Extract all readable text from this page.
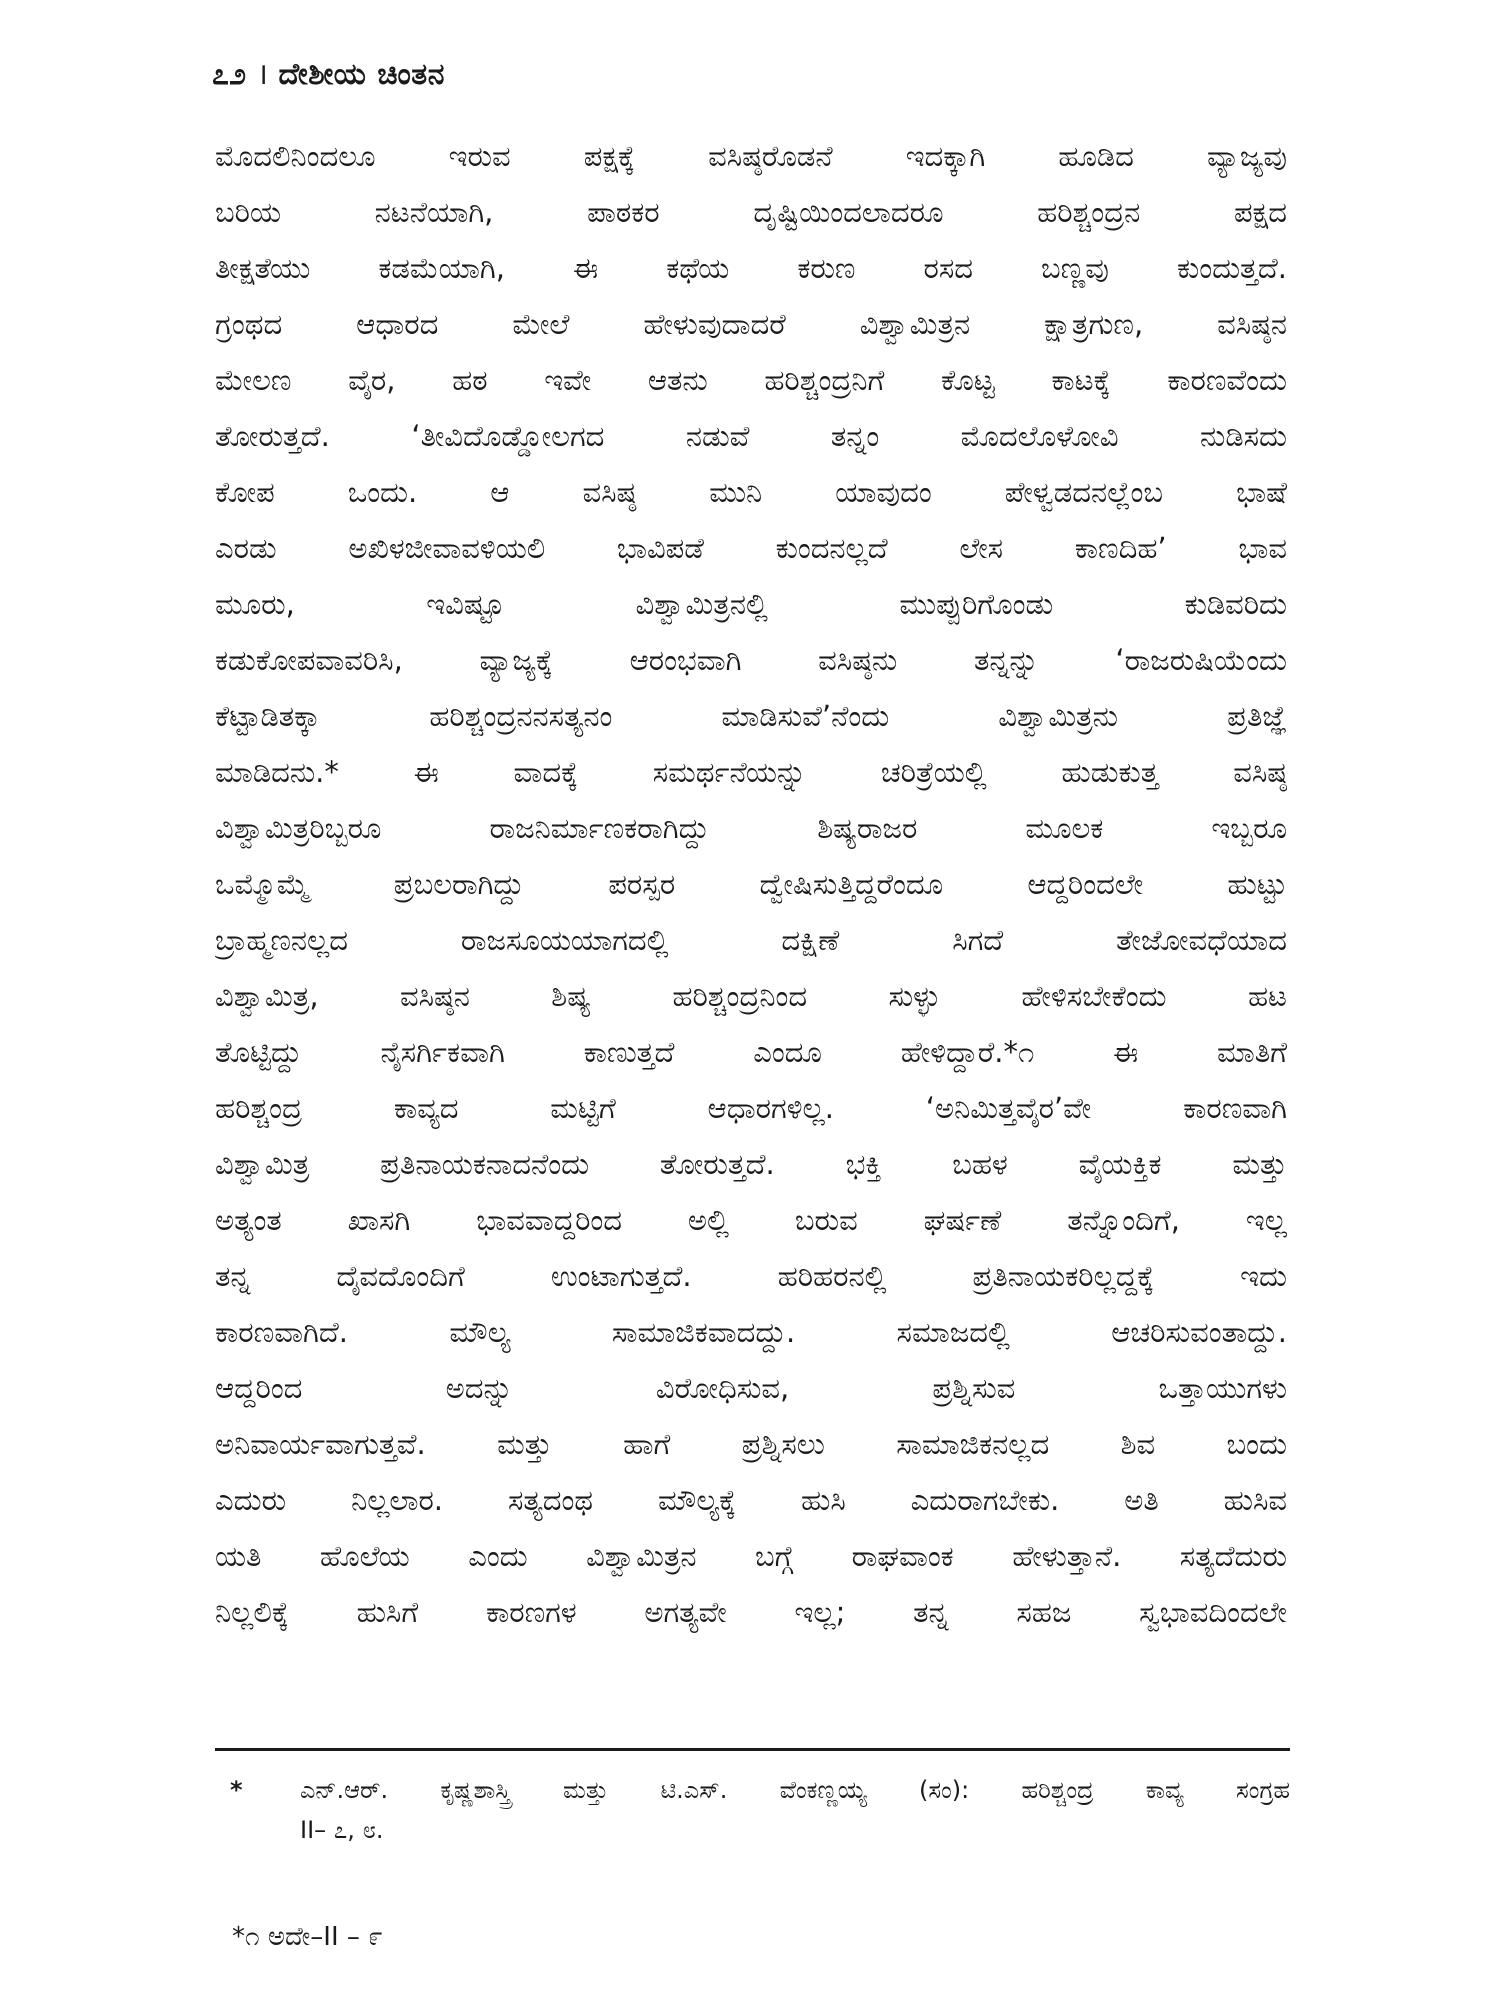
೭೨ । ದೇಶೀಯ ಚಿಂತನ
ಮೊದಲಿನಿಂದಲೂ ಇರುವ ಪಕ್ಷಕ್ಕೆ ವಸಿಷ್ಠರೊಡನೆ ಇದಕ್ಕಾಗಿ ಹೂಡಿದ ವ್ಯಾಜ್ಯವು
ಬರಿಯ ನಟನೆಯಾಗಿ, ಪಾಠಕರ ದೃಷ್ಟಿಯಿಂದಲಾದರೂ ಹರಿಶ್ಚಂದ್ರನ ಪಕ್ಷದ
ತೀಕ್ಷತೆಯು ಕಡಮೆಯಾಗಿ, ಈ ಕಥೆಯ ಕರುಣ ರಸದ ಬಣ್ಣವು ಕುಂದುತ್ತದೆ.
ಗ್ರಂಥದ ಆಧಾರದ ಮೇಲೆ ಹೇಳುವುದಾದರೆ ವಿಶ್ವಾಮಿತ್ರನ ಕ್ಷಾತ್ರಗುಣ, ವಸಿಷ್ಠನ
ಮೇಲಣ ವೈರ, ಹಠ ಇವೇ ಆತನು ಹರಿಶ್ಚಂದ್ರನಿಗೆ ಕೊಟ್ಟ ಕಾಟಕ್ಕೆ ಕಾರಣವೆಂದು
ತೋರುತ್ತದೆ. ‘ತೀವಿದೊಡ್ಡೋಲಗದ ನಡುವೆ ತನ್ನಂ ಮೊದಲೊಳೋವಿ ನುಡಿಸದು
ಕೋಪ ಒಂದು. ಆ ವಸಿಷ್ಠ ಮುನಿ ಯಾವುದಂ ಪೇಳ್ವಡದನಲ್ಲೆಂಬ ಭಾಷೆ
ಎರಡು ಅಖಿಳಜೀವಾವಳಿಯಲಿ ಭಾವಿಪಡೆ ಕುಂದನಲ್ಲದೆ ಲೇಸ ಕಾಣದಿಹ’ ಭಾವ
ಮೂರು, ಇವಿಷ್ಟೂ ವಿಶ್ವಾಮಿತ್ರನಲ್ಲಿ ಮುಪ್ಪುರಿಗೊಂಡು ಕುಡಿವರಿದು
ಕಡುಕೋಪವಾವರಿಸಿ, ವ್ಯಾಜ್ಯಕ್ಕೆ ಆರಂಭವಾಗಿ ವಸಿಷ್ಠನು ತನ್ನನ್ನು ‘ರಾಜರುಷಿಯೆಂದು
ಕೆಟ್ಟಾಡಿತಕ್ಕಾ ಹರಿಶ್ಚಂದ್ರನನಸತ್ಯನಂ ಮಾಡಿಸುವೆ’ನೆಂದು ವಿಶ್ವಾಮಿತ್ರನು ಪ್ರತಿಜ್ಞೆ
ಮಾಡಿದನು.* ಈ ವಾದಕ್ಕೆ ಸಮರ್ಥನೆಯನ್ನು ಚರಿತ್ರೆಯಲ್ಲಿ ಹುಡುಕುತ್ತ ವಸಿಷ್ಠ
ವಿಶ್ವಾಮಿತ್ರರಿಬ್ಬರೂ ರಾಜನಿರ್ಮಾಣಕರಾಗಿದ್ದು ಶಿಷ್ಯರಾಜರ ಮೂಲಕ ಇಬ್ಬರೂ
ಒಮ್ಮೊಮ್ಮೆ ಪ್ರಬಲರಾಗಿದ್ದು ಪರಸ್ಪರ ದ್ವೇಷಿಸುತ್ತಿದ್ದರೆಂದೂ ಆದ್ದರಿಂದಲೇ ಹುಟ್ಟು
ಬ್ರಾಹ್ಮಣನಲ್ಲದ ರಾಜಸೂಯಯಾಗದಲ್ಲಿ ದಕ್ಷಿಣೆ ಸಿಗದೆ ತೇಜೋವಧೆಯಾದ
ವಿಶ್ವಾಮಿತ್ರ, ವಸಿಷ್ಠನ ಶಿಷ್ಯ ಹರಿಶ್ಚಂದ್ರನಿಂದ ಸುಳ್ಳು ಹೇಳಿಸಬೇಕೆಂದು ಹಟ
ತೊಟ್ಟಿದ್ದು ನೈಸರ್ಗಿಕವಾಗಿ ಕಾಣುತ್ತದೆ ಎಂದೂ ಹೇಳಿದ್ದಾರೆ.*೧ ಈ ಮಾತಿಗೆ
ಹರಿಶ್ಚಂದ್ರ ಕಾವ್ಯದ ಮಟ್ಟಿಗೆ ಆಧಾರಗಳಿಲ್ಲ. ‘ಅನಿಮಿತ್ತವೈರ’ವೇ ಕಾರಣವಾಗಿ
ವಿಶ್ವಾಮಿತ್ರ ಪ್ರತಿನಾಯಕನಾದನೆಂದು ತೋರುತ್ತದೆ. ಭಕ್ತಿ ಬಹಳ ವೈಯಕ್ತಿಕ ಮತ್ತು
ಅತ್ಯಂತ ಖಾಸಗಿ ಭಾವವಾದ್ದರಿಂದ ಅಲ್ಲಿ ಬರುವ ಘರ್ಷಣೆ ತನ್ನೊಂದಿಗೆ, ಇಲ್ಲ
ತನ್ನ ದೈವದೊಂದಿಗೆ ಉಂಟಾಗುತ್ತದೆ. ಹರಿಹರನಲ್ಲಿ ಪ್ರತಿನಾಯಕರಿಲ್ಲದ್ದಕ್ಕೆ ಇದು
ಕಾರಣವಾಗಿದೆ. ಮೌಲ್ಯ ಸಾಮಾಜಿಕವಾದದ್ದು. ಸಮಾಜದಲ್ಲಿ ಆಚರಿಸುವಂತಾದ್ದು.
ಆದ್ದರಿಂದ ಅದನ್ನು ವಿರೋಧಿಸುವ, ಪ್ರಶ್ನಿಸುವ ಒತ್ತಾಯುಗಳು
ಅನಿವಾರ್ಯವಾಗುತ್ತವೆ. ಮತ್ತು ಹಾಗೆ ಪ್ರಶ್ನಿಸಲು ಸಾಮಾಜಿಕನಲ್ಲದ ಶಿವ ಬಂದು
ಎದುರು ನಿಲ್ಲಲಾರ. ಸತ್ಯದಂಥ ಮೌಲ್ಯಕ್ಕೆ ಹುಸಿ ಎದುರಾಗಬೇಕು. ಅತಿ ಹುಸಿವ
ಯತಿ ಹೊಲೆಯ ಎಂದು ವಿಶ್ವಾಮಿತ್ರನ ಬಗ್ಗೆ ರಾಘವಾಂಕ ಹೇಳುತ್ತಾನೆ. ಸತ್ಯದೆದುರು
ನಿಲ್ಲಲಿಕ್ಕೆ ಹುಸಿಗೆ ಕಾರಣಗಳ ಅಗತ್ಯವೇ ಇಲ್ಲ; ತನ್ನ ಸಹಜ ಸ್ವಭಾವದಿಂದಲೇ
* ಎನ್.ಆರ್. ಕೃಷ್ಣಶಾಸ್ತ್ರಿ ಮತ್ತು ಟಿ.ಎಸ್. ವೆಂಕಣ್ಣಯ್ಯ (ಸಂ): ಹರಿಶ್ಚಂದ್ರ ಕಾವ್ಯ ಸಂಗ್ರಹ
II– ೭, ೮.
*೧ ಅದೇ–II – ೯
